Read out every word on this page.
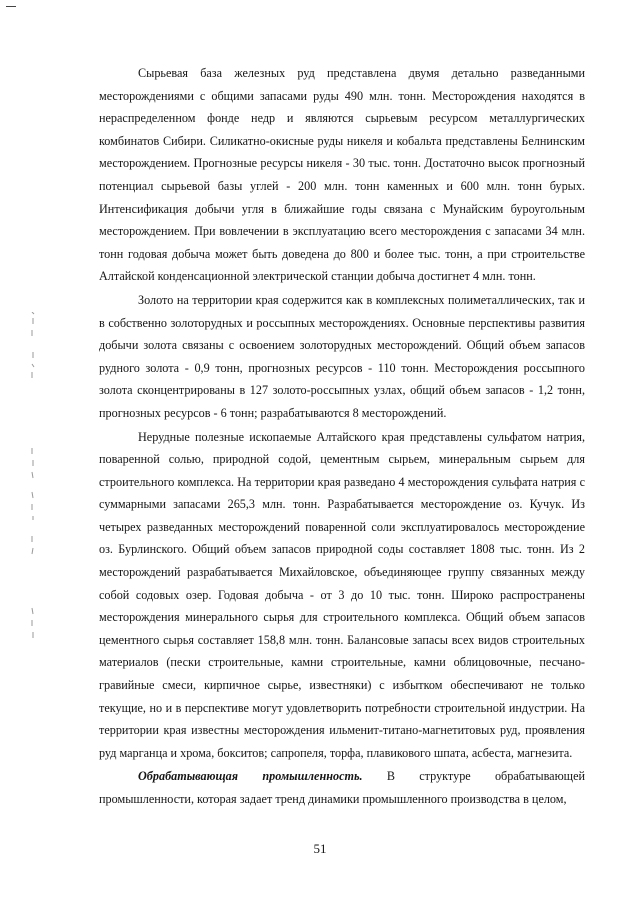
Сырьевая база железных руд представлена двумя детально разведанными месторождениями с общими запасами руды 490 млн. тонн. Месторождения находятся в нераспределенном фонде недр и являются сырьевым ресурсом металлургических комбинатов Сибири. Силикатно-окисные руды никеля и кобальта представлены Белнинским месторождением. Прогнозные ресурсы никеля - 30 тыс. тонн. Достаточно высок прогнозный потенциал сырьевой базы углей - 200 млн. тонн каменных и 600 млн. тонн бурых. Интенсификация добычи угля в ближайшие годы связана с Мунайским буроугольным месторождением. При вовлечении в эксплуатацию всего месторождения с запасами 34 млн. тонн годовая добыча может быть доведена до 800 и более тыс. тонн, а при строительстве Алтайской конденсационной электрической станции добыча достигнет 4 млн. тонн.

Золото на территории края содержится как в комплексных полиметаллических, так и в собственно золоторудных и россыпных месторождениях. Основные перспективы развития добычи золота связаны с освоением золоторудных месторождений. Общий объем запасов рудного золота - 0,9 тонн, прогнозных ресурсов - 110 тонн. Месторождения россыпного золота сконцентрированы в 127 золото-россыпных узлах, общий объем запасов - 1,2 тонн, прогнозных ресурсов - 6 тонн; разрабатываются 8 месторождений.

Нерудные полезные ископаемые Алтайского края представлены сульфатом натрия, поваренной солью, природной содой, цементным сырьем, минеральным сырьем для строительного комплекса. На территории края разведано 4 месторождения сульфата натрия с суммарными запасами 265,3 млн. тонн. Разрабатывается месторождение оз. Кучук. Из четырех разведанных месторождений поваренной соли эксплуатировалось месторождение оз. Бурлинского. Общий объем запасов природной соды составляет 1808 тыс. тонн. Из 2 месторождений разрабатывается Михайловское, объединяющее группу связанных между собой содовых озер. Годовая добыча - от 3 до 10 тыс. тонн. Широко распространены месторождения минерального сырья для строительного комплекса. Общий объем запасов цементного сырья составляет 158,8 млн. тонн. Балансовые запасы всех видов строительных материалов (пески строительные, камни строительные, камни облицовочные, песчано-гравийные смеси, кирпичное сырье, известняки) с избытком обеспечивают не только текущие, но и в перспективе могут удовлетворить потребности строительной индустрии. На территории края известны месторождения ильменит-титано-магнетитовых руд, проявления руд марганца и хрома, бокситов; сапропеля, торфа, плавикового шпата, асбеста, магнезита.

Обрабатывающая промышленность. В структуре обрабатывающей промышленности, которая задает тренд динамики промышленного производства в целом,

51
